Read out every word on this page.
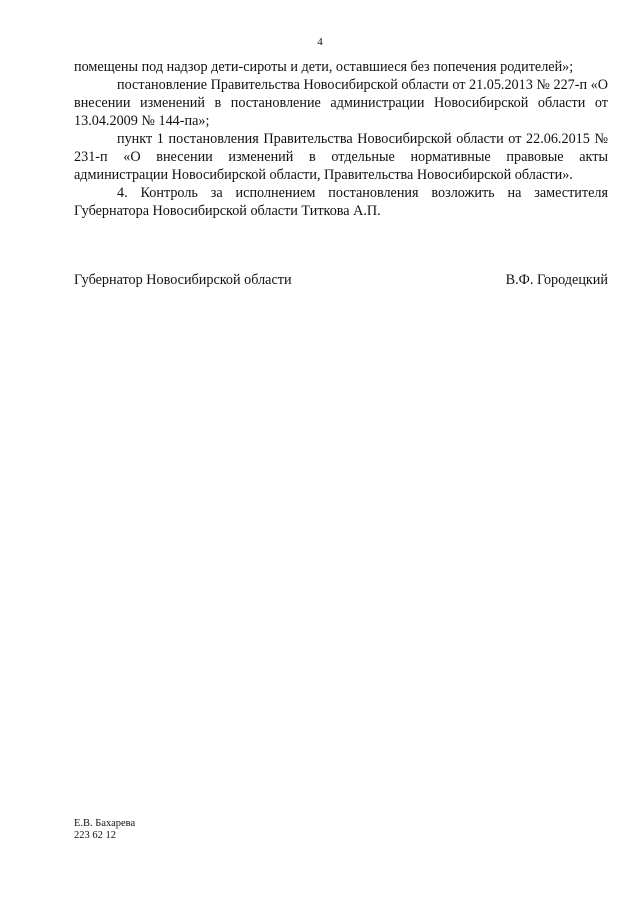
4

помещены под надзор дети-сироты и дети, оставшиеся без попечения родителей»;

постановление Правительства Новосибирской области от 21.05.2013 № 227-п «О внесении изменений в постановление администрации Новосибирской области от 13.04.2009 № 144-па»;

пункт 1 постановления Правительства Новосибирской области от 22.06.2015 № 231-п «О внесении изменений в отдельные нормативные правовые акты администрации Новосибирской области, Правительства Новосибирской области».

4. Контроль за исполнением постановления возложить на заместителя Губернатора Новосибирской области Титкова А.П.

Губернатор Новосибирской области	В.Ф. Городецкий
Е.В. Бахарева
223 62 12
